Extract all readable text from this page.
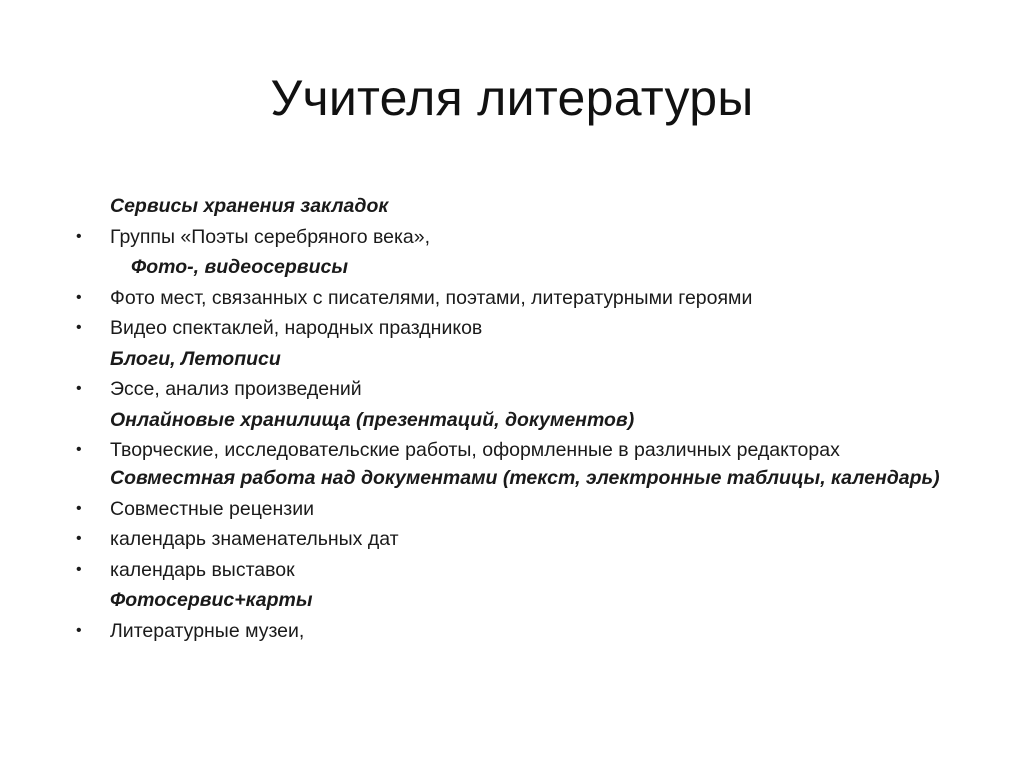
Учителя литературы
Сервисы хранения закладок
•	Группы «Поэты серебряного века»,
Фото-, видеосервисы
•	Фото мест, связанных с писателями, поэтами, литературными героями
•	Видео спектаклей, народных праздников
Блоги, Летописи
•	Эссе, анализ произведений
Онлайновые хранилища (презентаций, документов)
•	Творческие, исследовательские работы, оформленные в различных редакторах
Совместная работа над документами (текст, электронные таблицы, календарь)
•	Совместные рецензии
•	календарь знаменательных дат
•	календарь выставок
Фотосервис+карты
•	Литературные музеи,
